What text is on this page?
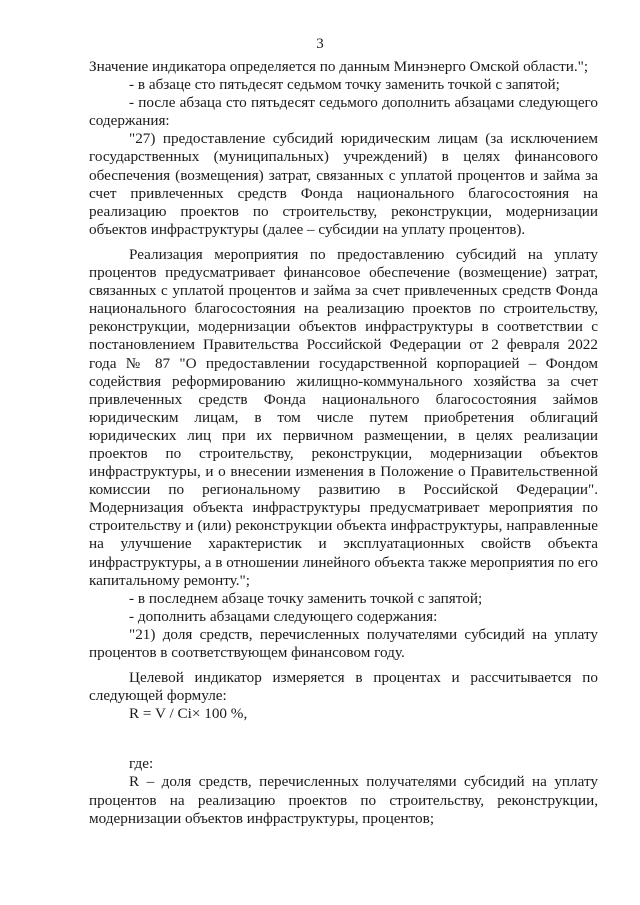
3

Значение индикатора определяется по данным Минэнерго Омской области.";

- в абзаце сто пятьдесят седьмом точку заменить точкой с запятой;

- после абзаца сто пятьдесят седьмого дополнить абзацами следующего содержания:

"27) предоставление субсидий юридическим лицам (за исключением государственных (муниципальных) учреждений) в целях финансового обеспечения (возмещения) затрат, связанных с уплатой процентов и займа за счет привлеченных средств Фонда национального благосостояния на реализацию проектов по строительству, реконструкции, модернизации объектов инфраструктуры (далее – субсидии на уплату процентов).

Реализация мероприятия по предоставлению субсидий на уплату процентов предусматривает финансовое обеспечение (возмещение) затрат, связанных с уплатой процентов и займа за счет привлеченных средств Фонда национального благосостояния на реализацию проектов по строительству, реконструкции, модернизации объектов инфраструктуры в соответствии с постановлением Правительства Российской Федерации от 2 февраля 2022 года № 87 "О предоставлении государственной корпорацией – Фондом содействия реформированию жилищно-коммунального хозяйства за счет привлеченных средств Фонда национального благосостояния займов юридическим лицам, в том числе путем приобретения облигаций юридических лиц при их первичном размещении, в целях реализации проектов по строительству, реконструкции, модернизации объектов инфраструктуры, и о внесении изменения в Положение о Правительственной комиссии по региональному развитию в Российской Федерации". Модернизация объекта инфраструктуры предусматривает мероприятия по строительству и (или) реконструкции объекта инфраструктуры, направленные на улучшение характеристик и эксплуатационных свойств объекта инфраструктуры, а в отношении линейного объекта также мероприятия по его капитальному ремонту.";

- в последнем абзаце точку заменить точкой с запятой;

- дополнить абзацами следующего содержания:

"21) доля средств, перечисленных получателями субсидий на уплату процентов в соответствующем финансовом году.

Целевой индикатор измеряется в процентах и рассчитывается по следующей формуле:

R = V / Ci× 100 %,

где:

R – доля средств, перечисленных получателями субсидий на уплату процентов на реализацию проектов по строительству, реконструкции, модернизации объектов инфраструктуры, процентов;
